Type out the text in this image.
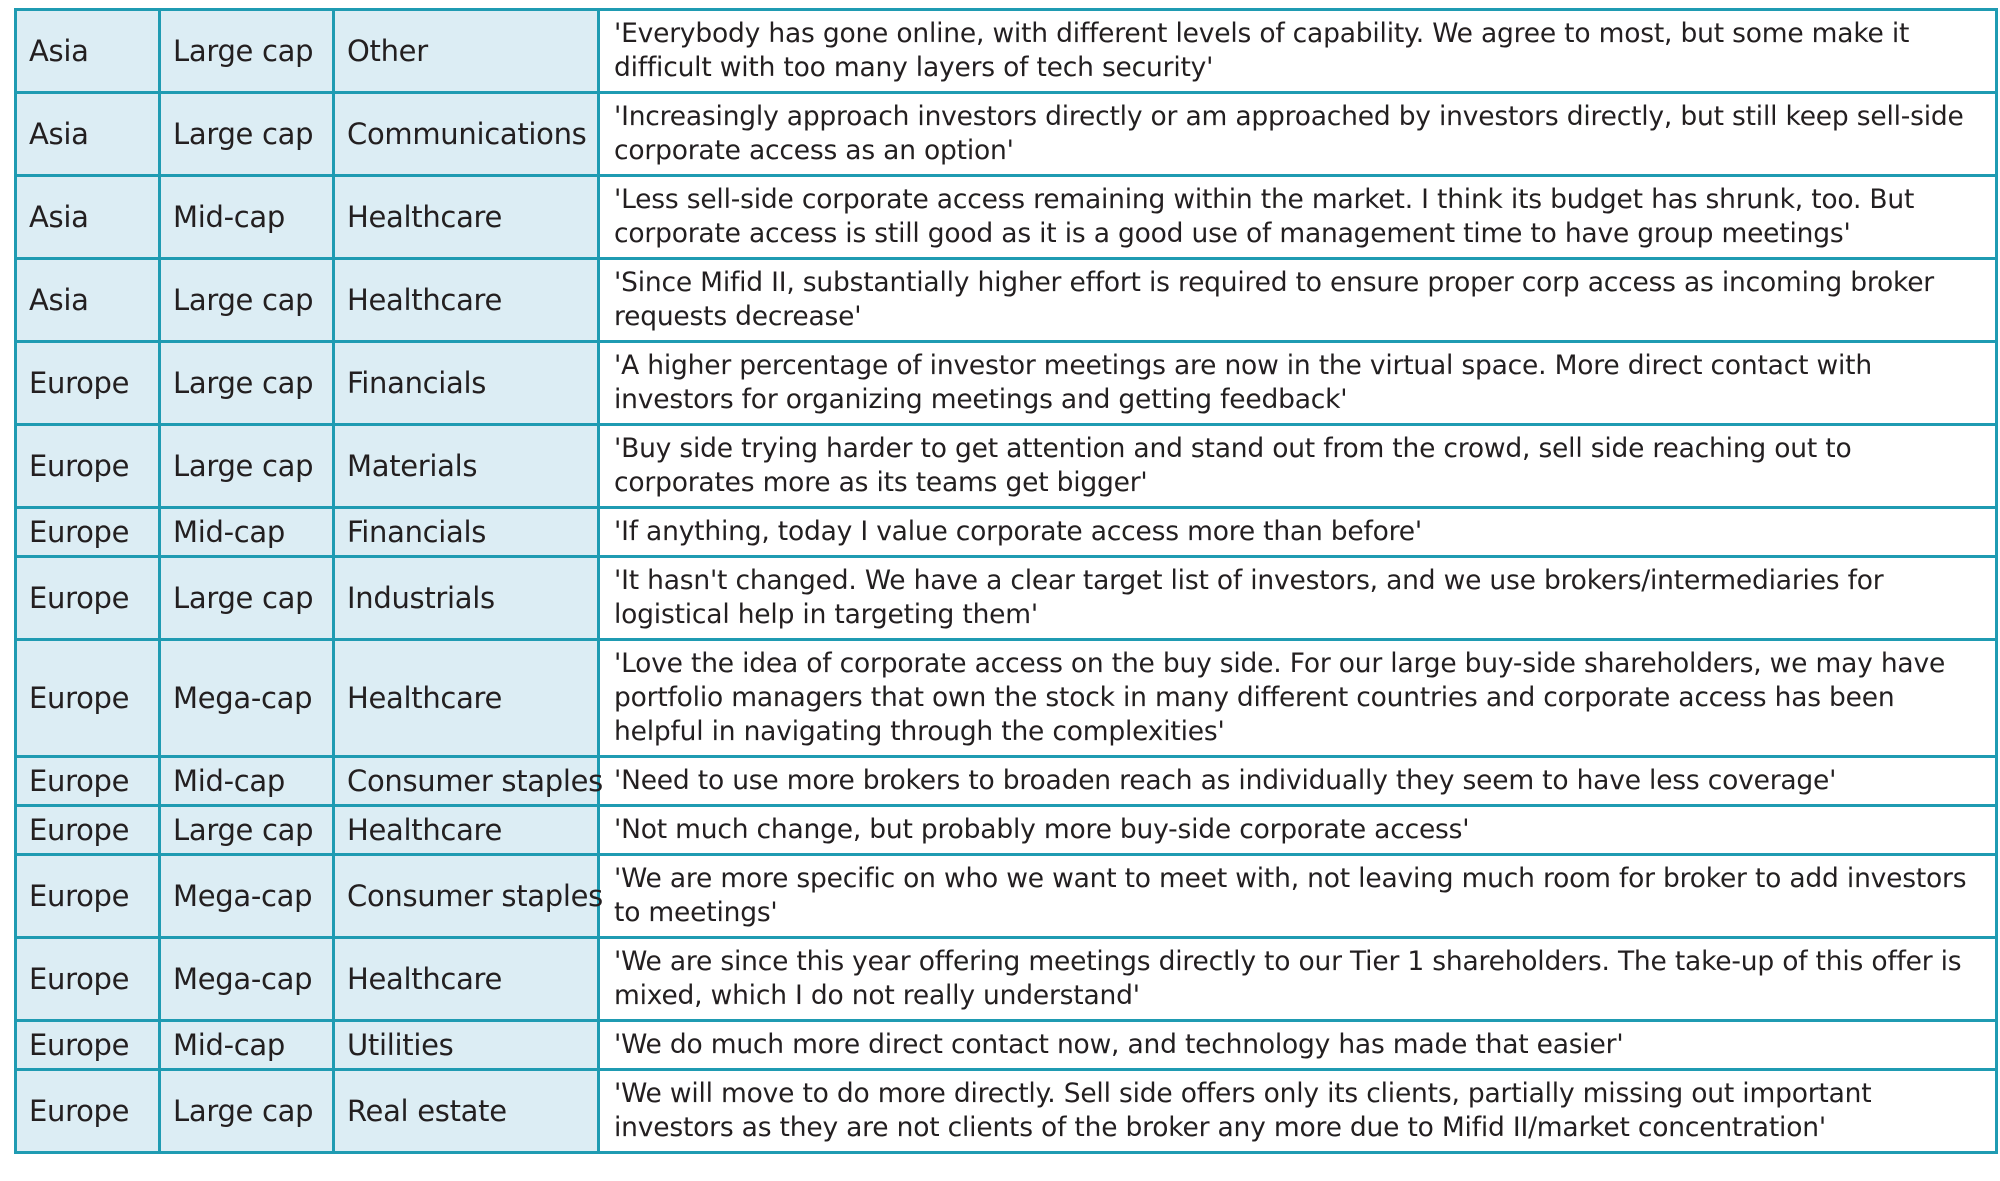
Asia	Large cap	Other	'Everybody has gone online, with different levels of capability. We agree to most, but some make it difficult with too many layers of tech security'
Asia	Large cap	Communications	'Increasingly approach investors directly or am approached by investors directly, but still keep sell-side corporate access as an option'
Asia	Mid-cap	Healthcare	'Less sell-side corporate access remaining within the market. I think its budget has shrunk, too. But corporate access is still good as it is a good use of management time to have group meetings'
Asia	Large cap	Healthcare	'Since Mifid II, substantially higher effort is required to ensure proper corp access as incoming broker requests decrease'
Europe	Large cap	Financials	'A higher percentage of investor meetings are now in the virtual space. More direct contact with investors for organizing meetings and getting feedback'
Europe	Large cap	Materials	'Buy side trying harder to get attention and stand out from the crowd, sell side reaching out to corporates more as its teams get bigger'
Europe	Mid-cap	Financials	'If anything, today I value corporate access more than before'
Europe	Large cap	Industrials	'It hasn't changed. We have a clear target list of investors, and we use brokers/intermediaries for logistical help in targeting them'
Europe	Mega-cap	Healthcare	'Love the idea of corporate access on the buy side. For our large buy-side shareholders, we may have portfolio managers that own the stock in many different countries and corporate access has been helpful in navigating through the complexities'
Europe	Mid-cap	Consumer staples	'Need to use more brokers to broaden reach as individually they seem to have less coverage'
Europe	Large cap	Healthcare	'Not much change, but probably more buy-side corporate access'
Europe	Mega-cap	Consumer staples	'We are more specific on who we want to meet with, not leaving much room for broker to add investors to meetings'
Europe	Mega-cap	Healthcare	'We are since this year offering meetings directly to our Tier 1 shareholders. The take-up of this offer is mixed, which I do not really understand'
Europe	Mid-cap	Utilities	'We do much more direct contact now, and technology has made that easier'
Europe	Large cap	Real estate	'We will move to do more directly. Sell side offers only its clients, partially missing out important investors as they are not clients of the broker any more due to Mifid II/market concentration'
